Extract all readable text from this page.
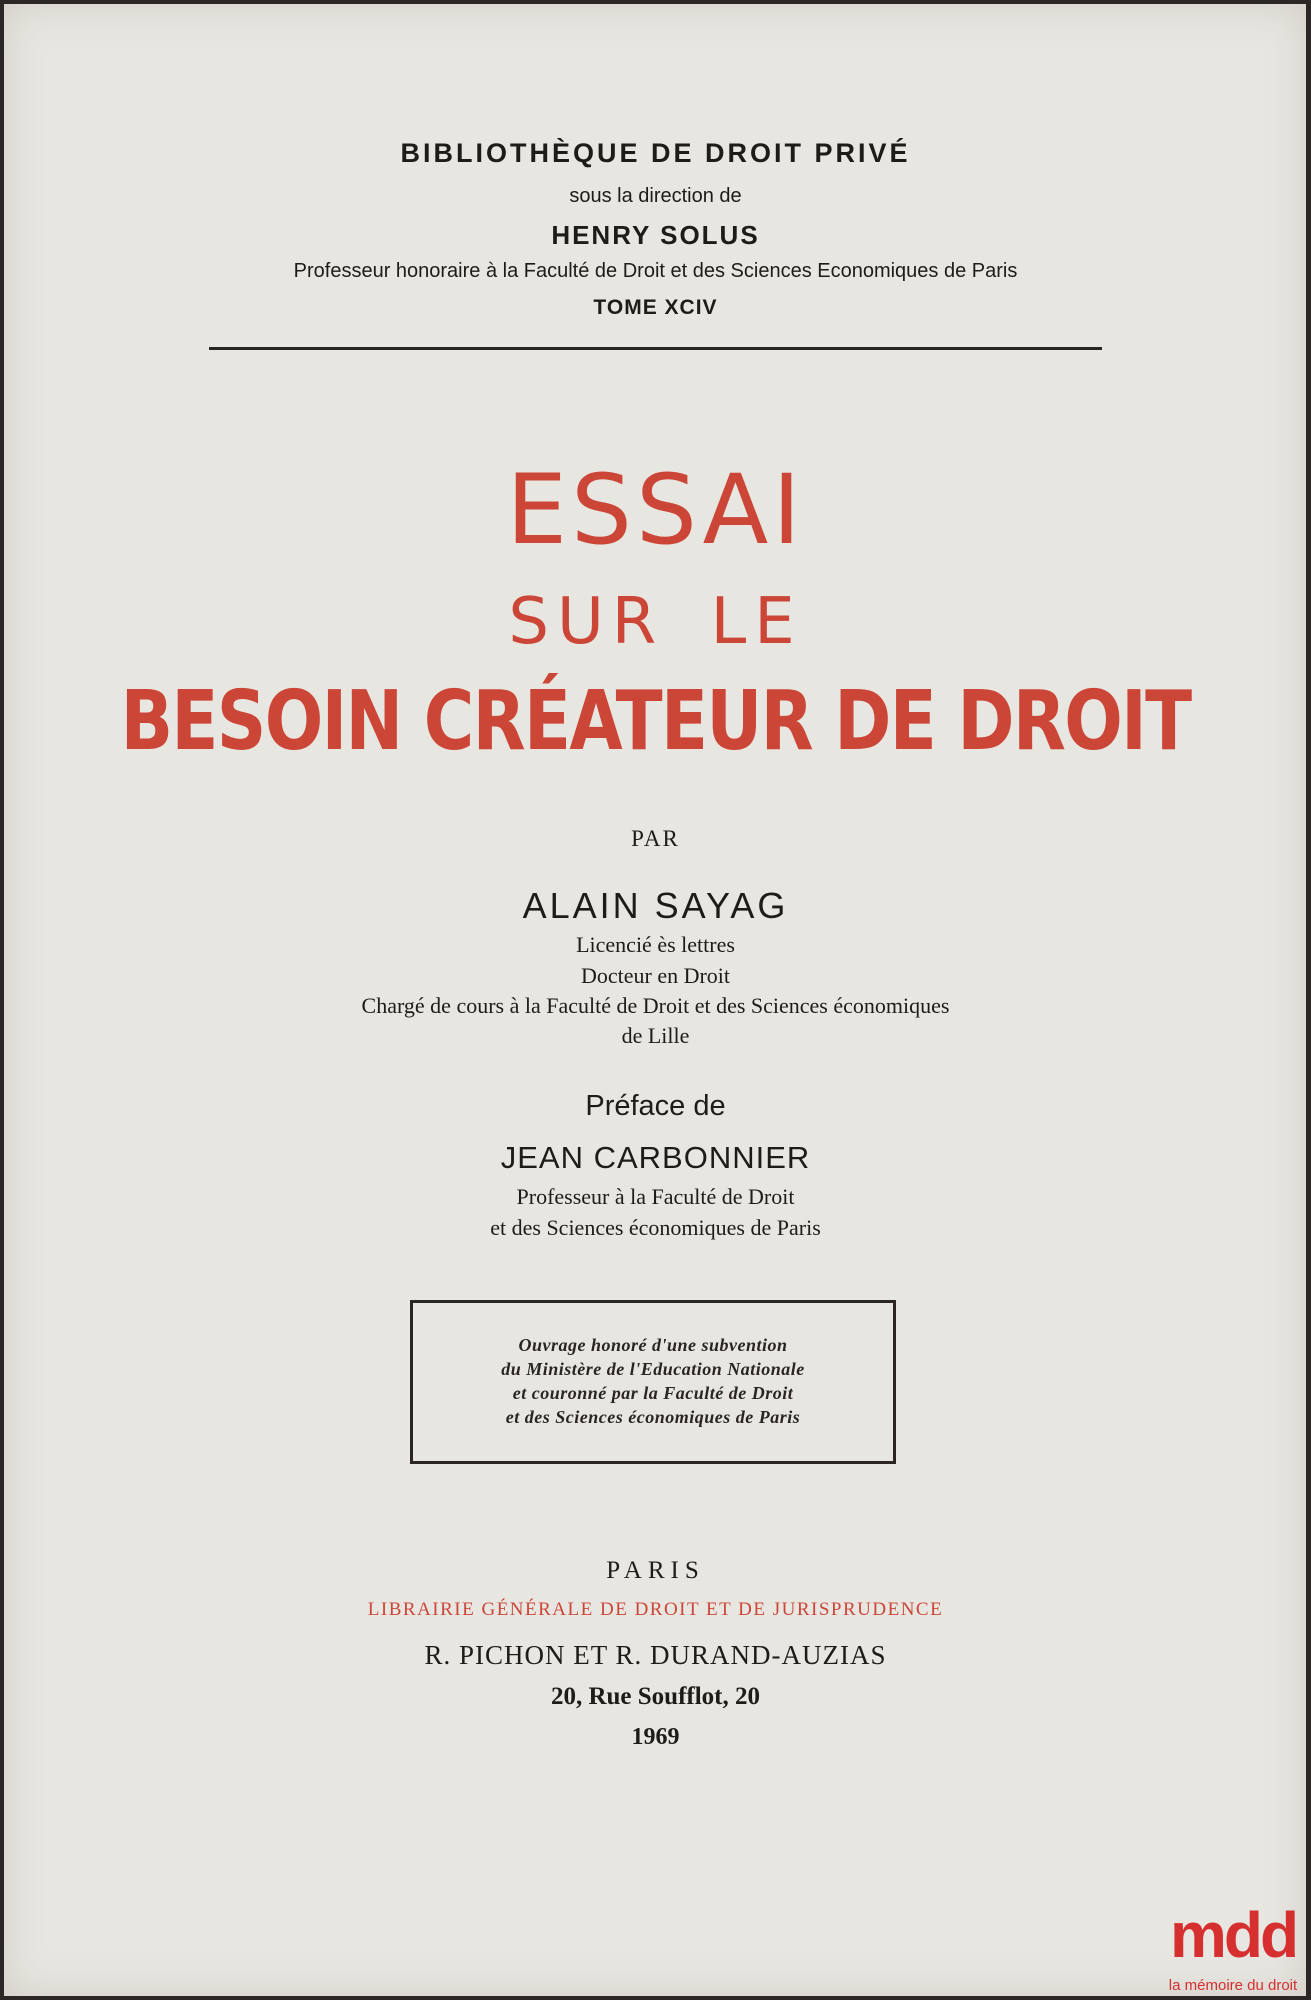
BIBLIOTHÈQUE DE DROIT PRIVÉ
sous la direction de
HENRY SOLUS
Professeur honoraire à la Faculté de Droit et des Sciences Economiques de Paris
TOME XCIV
ESSAI
SUR LE
BESOIN CRÉATEUR DE DROIT
PAR
ALAIN SAYAG
Licencié ès lettres
Docteur en Droit
Chargé de cours à la Faculté de Droit et des Sciences économiques
de Lille
Préface de
JEAN CARBONNIER
Professeur à la Faculté de Droit
et des Sciences économiques de Paris
Ouvrage honoré d'une subvention
du Ministère de l'Education Nationale
et couronné par la Faculté de Droit
et des Sciences économiques de Paris
PARIS
LIBRAIRIE GÉNÉRALE DE DROIT ET DE JURISPRUDENCE
R. PICHON ET R. DURAND-AUZIAS
20, Rue Soufflot, 20
1969
mdd
la mémoire du droit
